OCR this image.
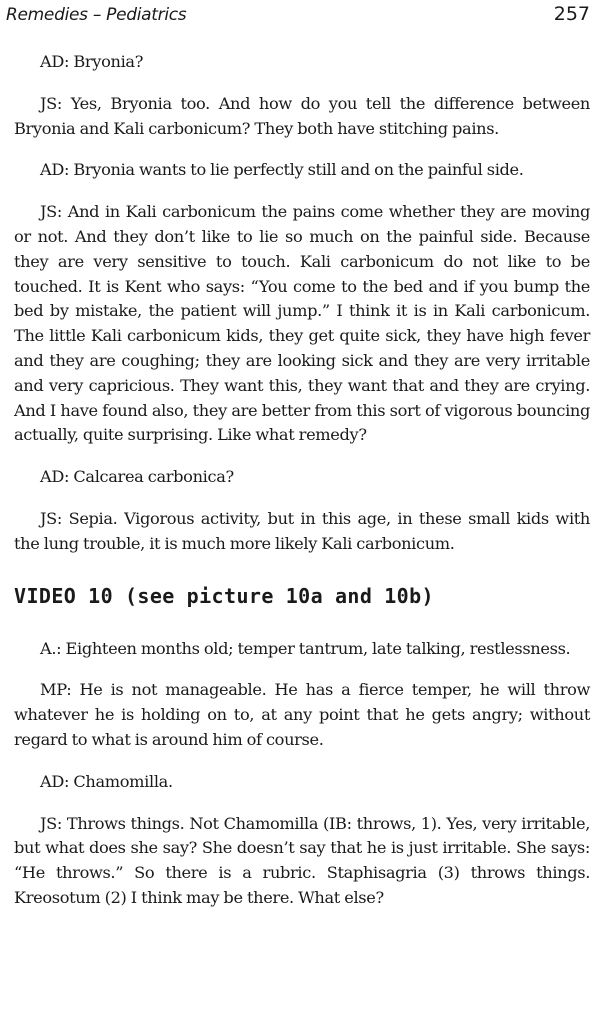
Remedies – Pediatrics	257

AD: Bryonia?

JS: Yes, Bryonia too. And how do you tell the difference between Bryonia and Kali carbonicum? They both have stitching pains.

AD: Bryonia wants to lie perfectly still and on the painful side.

JS: And in Kali carbonicum the pains come whether they are moving or not. And they don’t like to lie so much on the painful side. Because they are very sensitive to touch. Kali carbonicum do not like to be touched. It is Kent who says: “You come to the bed and if you bump the bed by mistake, the patient will jump.” I think it is in Kali carbonicum. The little Kali carbonicum kids, they get quite sick, they have high fever and they are coughing; they are looking sick and they are very irritable and very capricious. They want this, they want that and they are crying. And I have found also, they are better from this sort of vigorous bouncing actually, quite surprising. Like what remedy?

AD: Calcarea carbonica?

JS: Sepia. Vigorous activity, but in this age, in these small kids with the lung trouble, it is much more likely Kali carbonicum.

VIDEO 10 (see picture 10a and 10b)

A.: Eighteen months old; temper tantrum, late talking, restlessness.

MP: He is not manageable. He has a fierce temper, he will throw whatever he is holding on to, at any point that he gets angry; without regard to what is around him of course.

AD: Chamomilla.

JS: Throws things. Not Chamomilla (IB: throws, 1). Yes, very irritable, but what does she say? She doesn’t say that he is just irritable. She says: “He throws.” So there is a rubric. Staphisagria (3) throws things. Kreosotum (2) I think may be there. What else?
